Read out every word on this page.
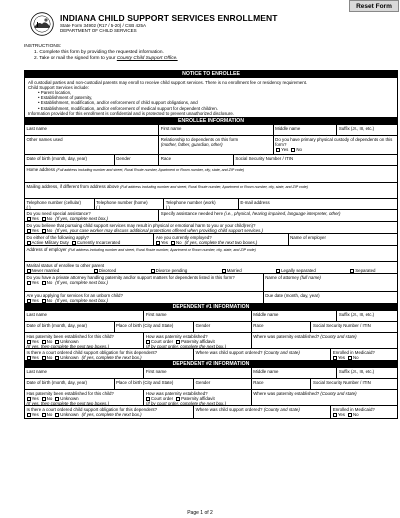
Reset Form
INDIANA CHILD SUPPORT SERVICES ENROLLMENT
State Form 34902 (R17 / 5-20) / CSB 425A
DEPARTMENT OF CHILD SERVICES
INSTRUCTIONS:
1. Complete this form by providing the requested information.
2. Take or mail the signed form to your County Child Support Office.
NOTICE TO ENROLLEE
All custodial parties and non-custodial parents may enroll to receive child support services. There is no enrollment fee or residency requirement.
Child Support Services include:
• Parent location,
• Establishment of paternity,
• Establishment, modification, and/or enforcement of child support obligations, and
• Establishment, modification, and/or enforcement of medical support for dependent children.
Information provided for this enrollment is confidential and is protected to prevent unauthorized disclosure.
ENROLLEE INFORMATION
Last name	First name	Middle name	Suffix (Jr., III, etc.)
Other names used	Relationship to dependents on this form
(mother, father, guardian, other)
Do you have primary physical custody of dependents on this form?
Yes No
Date of birth (month, day, year)	Gender	Race	Social Security Number / ITIN
Home address (Full address including number and street, Rural Route number, Apartment or Room number, city, state, and ZIP code)
Mailing address, if different from address above (Full address including number and street, Rural Route number, Apartment or Room number, city, state, and ZIP code)
Telephone number (cellular)
( )
Telephone number (home)
( )
Telephone number (work)
( )
E-mail address
Do you need special assistance?
Yes No (If yes, complete next box.)
Specify assistance needed here (i.e., physical, hearing impaired, language interpreter, other)
Do you believe that pursuing child support services may result in physical or emotional harm to you or your child(ren)?
Yes No (If yes, your case worker may discuss additional protections offered when providing child support services.)
Do either of the following apply?
Active Military Duty Currently Incarcerated
Are you currently employed?
Yes No (If yes, complete the next two boxes.)
Name of employer
Address of employer (Full address including number and street, Rural Route number, Apartment or Room number, city, state, and ZIP code)
Marital status of enrollee to other parent
Never married	Divorced	Divorce pending	Married	Legally separated	Separated
Do you have a private attorney handling paternity and/or support matters for dependents listed in this form?
Yes No (If yes, complete next box.)
Name of attorney (full name)
Are you applying for services for an unborn child?
Yes No (If yes, complete next box.)
Due date (month, day, year)
DEPENDENT #1 INFORMATION
Last name	First name	Middle name	Suffix (Jr., III, etc.)
Date of birth (month, day, year)	Place of birth (City and State)	Gender	Race	Social Security Number / ITIN
Has paternity been established for this child?
Yes No Unknown
(If yes, then complete the next two boxes.)
How was paternity established?
Court order Paternity affidavit
(If by court order, complete the next box.)
Where was paternity established? (County and state)
Is there a court ordered child support obligation for this dependent?
Yes No Unknown (If yes, complete the next box.)
Where was child support ordered? (County and state)	Enrolled in Medicaid?
Yes No
DEPENDENT #2 INFORMATION
Last name	First name	Middle name	Suffix (Jr., III, etc.)
Date of birth (month, day, year)	Place of birth (City and State)	Gender	Race	Social Security Number / ITIN
Has paternity been established for this child?
Yes No Unknown
(If yes, then complete the next two boxes.)
How was paternity established?
Court order Paternity affidavit
(If by court order, complete the next box.)
Where was paternity established? (County and state)
Is there a court ordered child support obligation for this dependent?
Yes No Unknown (If yes, complete the next box.)
Where was child support ordered? (County and state)	Enrolled in Medicaid?
Yes No
Page 1 of 2
